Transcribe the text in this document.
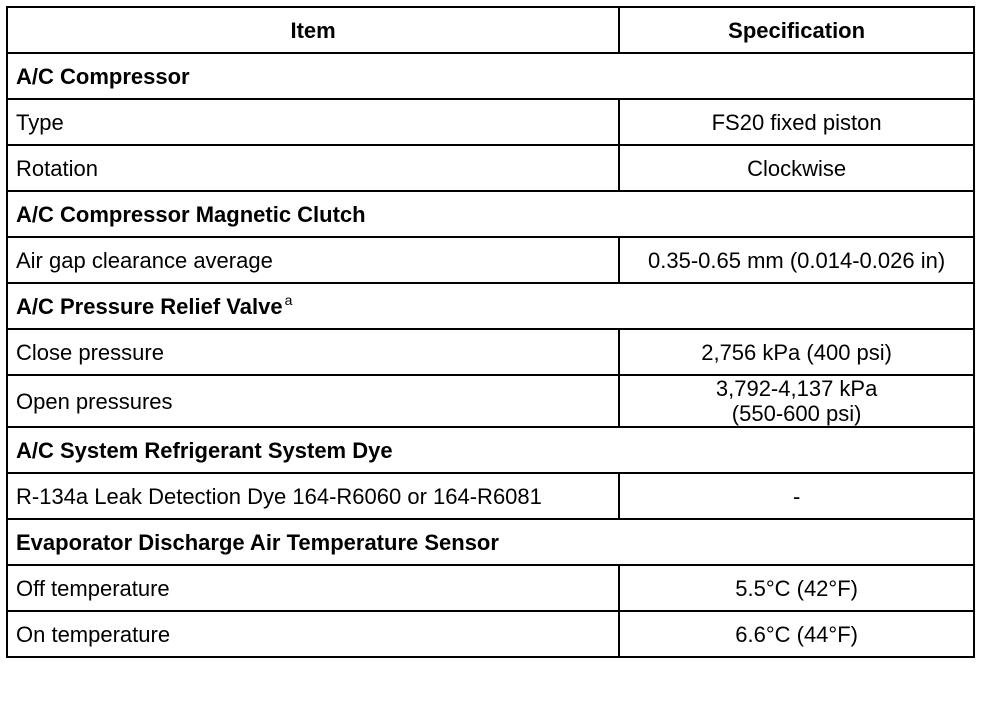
Item	Specification
A/C Compressor	
Type	FS20 fixed piston
Rotation	Clockwise
A/C Compressor Magnetic Clutch	
Air gap clearance average	0.35-0.65 mm (0.014-0.026 in)
A/C Pressure Relief Valve $^a$
Close pressure	2,756 kPa (400 psi)
Open pressures	3,792-4,137 kPa
(550-600 psi)

A/C System Refrigerant System Dye	
R-134a Leak Detection Dye 164-R6060 or 164-R6081	-
Evaporator Discharge Air Temperature Sensor	
Off temperature	5.5°C (42°F)
On temperature	6.6°C (44°F)
